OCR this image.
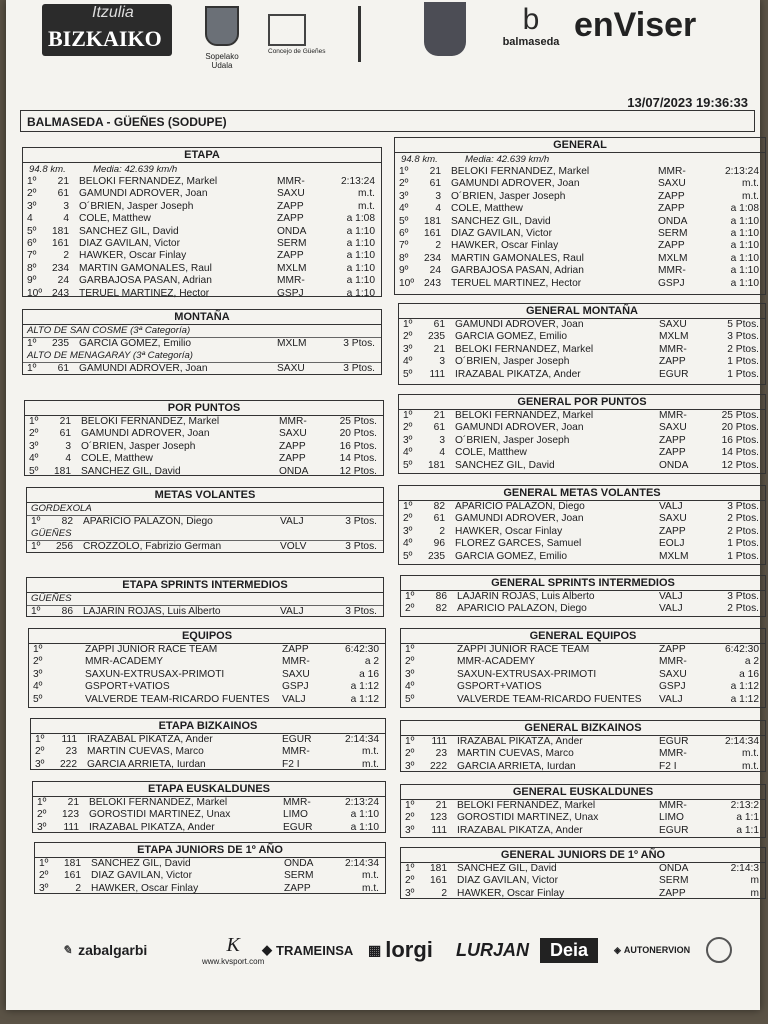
Itzulia
BIZKAIKO
Sopelako Udala
Concejo de Güeñes
b
balmaseda enViser
13/07/2023 19:36:33
BALMASEDA - GÜEÑES (SODUPE)
ETAPA
94.8 km.	Media: 42.639 km/h
1º	21 BELOKI FERNANDEZ, Markel	MMR-	2:13:24
2º	61 GAMUNDI ADROVER, Joan	SAXU	m.t.
3º	3 O´BRIEN, Jasper Joseph	ZAPP	m.t.
4	4 COLE, Matthew	ZAPP	a 1:08
5º	181 SANCHEZ GIL, David	ONDA	a 1:10
6º	161 DIAZ GAVILAN, Victor	SERM	a 1:10
7º	2 HAWKER, Oscar Finlay	ZAPP	a 1:10
8º	234 MARTIN GAMONALES, Raul	MXLM	a 1:10
9º	24 GARBAJOSA PASAN, Adrian	MMR-	a 1:10
10º 243 TERUEL MARTINEZ, Hector	GSPJ	a 1:10
GENERAL
94.8 km.	Media: 42.639 km/h
1º	21 BELOKI FERNANDEZ, Markel	MMR-	2:13:24
2º	61 GAMUNDI ADROVER, Joan	SAXU	m.t.
3º	3 O´BRIEN, Jasper Joseph	ZAPP	m.t.
4º	4 COLE, Matthew	ZAPP	a 1:08
5º	181 SANCHEZ GIL, David	ONDA	a 1:10
6º	161 DIAZ GAVILAN, Victor	SERM	a 1:10
7º	2 HAWKER, Oscar Finlay	ZAPP	a 1:10
8º	234 MARTIN GAMONALES, Raul	MXLM	a 1:10
9º	24 GARBAJOSA PASAN, Adrian	MMR-	a 1:10
10º 243 TERUEL MARTINEZ, Hector	GSPJ	a 1:10
MONTAÑA
ALTO DE SAN COSME (3ª Categoría)
1º	235 GARCIA GOMEZ, Emilio	MXLM	3 Ptos.
ALTO DE MENAGARAY (3ª Categoría)
1º	61 GAMUNDI ADROVER, Joan	SAXU	3 Ptos.
GENERAL MONTAÑA
1º	61 GAMUNDI ADROVER, Joan	SAXU	5 Ptos.
2º	235 GARCIA GOMEZ, Emilio	MXLM	3 Ptos.
3º	21 BELOKI FERNANDEZ, Markel	MMR-	2 Ptos.
4º	3 O´BRIEN, Jasper Joseph	ZAPP	1 Ptos.
5º	111 IRAZABAL PIKATZA, Ander	EGUR	1 Ptos.
POR PUNTOS
1º	21 BELOKI FERNANDEZ, Markel	MMR-	25 Ptos.
2º	61 GAMUNDI ADROVER, Joan	SAXU	20 Ptos.
3º	3 O´BRIEN, Jasper Joseph	ZAPP	16 Ptos.
4º	4 COLE, Matthew	ZAPP	14 Ptos.
5º	181 SANCHEZ GIL, David	ONDA	12 Ptos.
GENERAL POR PUNTOS
1º	21 BELOKI FERNANDEZ, Markel	MMR-	25 Ptos.
2º	61 GAMUNDI ADROVER, Joan	SAXU	20 Ptos.
3º	3 O´BRIEN, Jasper Joseph	ZAPP	16 Ptos.
4º	4 COLE, Matthew	ZAPP	14 Ptos.
5º	181 SANCHEZ GIL, David	ONDA	12 Ptos.
METAS VOLANTES
GORDEXOLA
1º	82 APARICIO PALAZON, Diego	VALJ	3 Ptos.
GÜEÑES
1º	256 CROZZOLO, Fabrizio German	VOLV	3 Ptos.
GENERAL METAS VOLANTES
1º	82 APARICIO PALAZON, Diego	VALJ	3 Ptos.
2º	61 GAMUNDI ADROVER, Joan	SAXU	2 Ptos.
3º	2 HAWKER, Oscar Finlay	ZAPP	2 Ptos.
4º	96 FLOREZ GARCES, Samuel	EOLJ	1 Ptos.
5º	235 GARCIA GOMEZ, Emilio	MXLM	1 Ptos.
ETAPA SPRINTS INTERMEDIOS
GÜEÑES
1º	86 LAJARIN ROJAS, Luis Alberto	VALJ	3 Ptos.
GENERAL SPRINTS INTERMEDIOS
1º	86 LAJARIN ROJAS, Luis Alberto	VALJ	3 Ptos.
2º	82 APARICIO PALAZON, Diego	VALJ	2 Ptos.
EQUIPOS
1º	ZAPPI JUNIOR RACE TEAM	ZAPP	6:42:30
2º	MMR-ACADEMY	MMR-	a 2
3º	SAXUN-EXTRUSAX-PRIMOTI	SAXU	a 16
4º	GSPORT+VATIOS	GSPJ	a 1:12
5º	VALVERDE TEAM-RICARDO FUENTES VALJ	a 1:12
GENERAL EQUIPOS
1º	ZAPPI JUNIOR RACE TEAM	ZAPP	6:42:30
2º	MMR-ACADEMY	MMR-	a 2
3º	SAXUN-EXTRUSAX-PRIMOTI	SAXU	a 16
4º	GSPORT+VATIOS	GSPJ	a 1:12
5º	VALVERDE TEAM-RICARDO FUENTES VALJ	a 1:12
ETAPA BIZKAINOS
1º	111 IRAZABAL PIKATZA, Ander	EGUR	2:14:34
2º	23 MARTIN CUEVAS, Marco	MMR-	m.t.
3º	222 GARCIA ARRIETA, Iurdan	F2 I	m.t.
GENERAL BIZKAINOS
1º	111 IRAZABAL PIKATZA, Ander	EGUR	2:14:34
2º	23 MARTIN CUEVAS, Marco	MMR-	m.t.
3º	222 GARCIA ARRIETA, Iurdan	F2 I	m.t.
ETAPA EUSKALDUNES
1º	21 BELOKI FERNANDEZ, Markel	MMR-	2:13:24
2º	123 GOROSTIDI MARTINEZ, Unax	LIMO	a 1:10
3º	111 IRAZABAL PIKATZA, Ander	EGUR	a 1:10
GENERAL EUSKALDUNES
1º	21 BELOKI FERNANDEZ, Markel	MMR-	2:13:2
2º	123 GOROSTIDI MARTINEZ, Unax	LIMO	a 1:1
3º	111 IRAZABAL PIKATZA, Ander	EGUR	a 1:1
ETAPA JUNIORS DE 1º AÑO
1º	181 SANCHEZ GIL, David	ONDA	2:14:34
2º	161 DIAZ GAVILAN, Victor	SERM	m.t.
3º	2 HAWKER, Oscar Finlay	ZAPP	m.t.
GENERAL JUNIORS DE 1º AÑO
1º	181 SANCHEZ GIL, David	ONDA	2:14:3
2º	161 DIAZ GAVILAN, Victor	SERM	m
3º	2 HAWKER, Oscar Finlay	ZAPP	m
✎ zabalgarbi	K
www.kvsport.com
◆ TRAMEINSA ▦ lorgi LURJAN	Deia	◈ AUTONERVION
